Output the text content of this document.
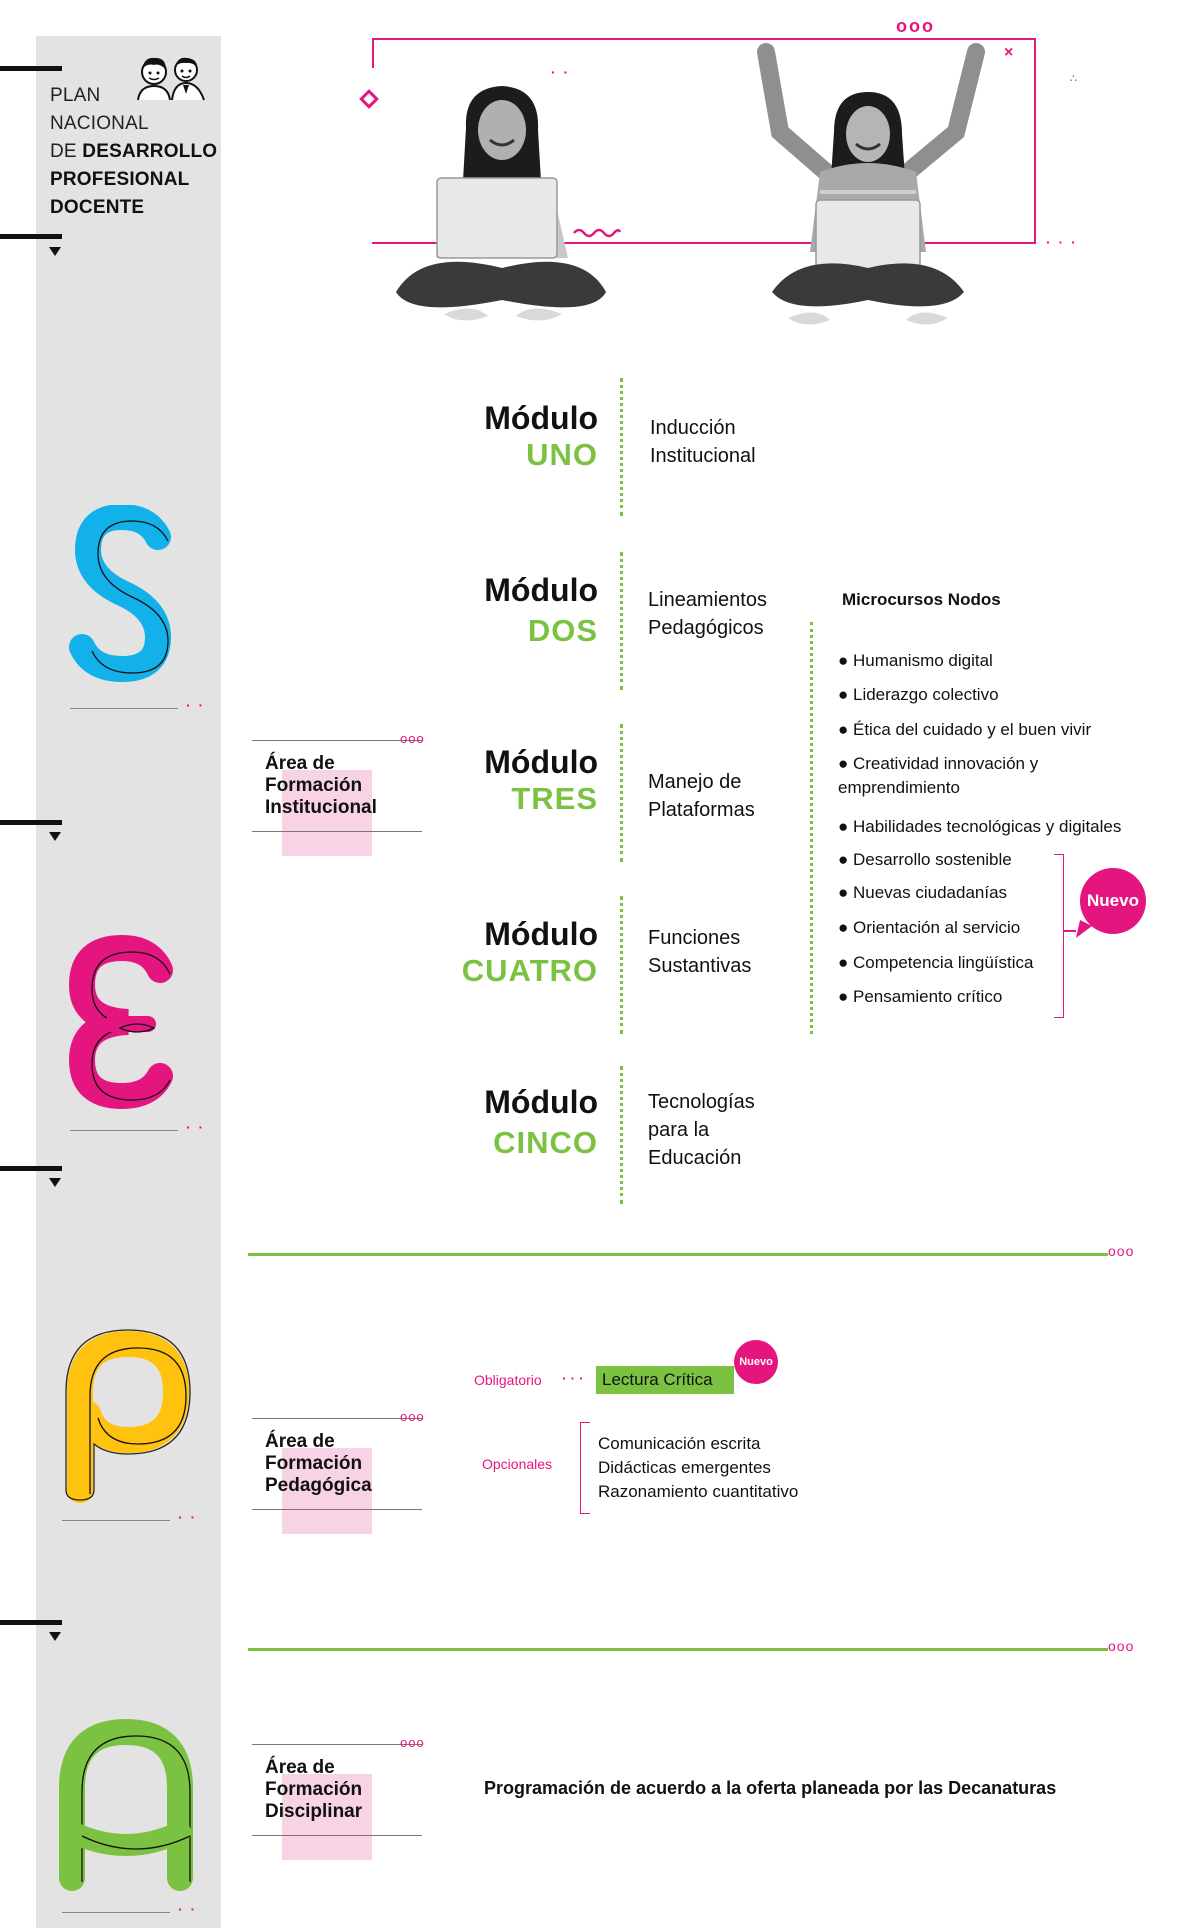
PLAN
NACIONAL
DE DESARROLLO
PROFESIONAL
DOCENTE
· ·
· ·
· ·
· ·
ooo
· ·
· · ·
×
∴
Módulo
UNO
Inducción
Institucional
Módulo
DOS
Lineamientos
Pedagógicos
Módulo
TRES	Manejo de
Plataformas
Módulo
CUATRO
Funciones
Sustantivas
Módulo
CINCO
Tecnologías
para la
Educación
Microcursos Nodos
● Humanismo digital
● Liderazgo colectivo
● Ética del cuidado y el buen vivir
● Creatividad innovación y
emprendimiento
● Habilidades tecnológicas y digitales
● Desarrollo sostenible
● Nuevas ciudadanías
● Orientación al servicio
● Competencia lingüística
● Pensamiento crítico
Nuevo
ooo
Área de
Formación
Institucional
ooo
ooo
Área de
Formación
Pedagógica
Obligatorio · · ·	Lectura Crítica
Nuevo
Opcionales
Comunicación escrita
Didácticas emergentes
Razonamiento cuantitativo
ooo
ooo
Área de
Formación
Disciplinar
Programación de acuerdo a la oferta planeada por las Decanaturas
